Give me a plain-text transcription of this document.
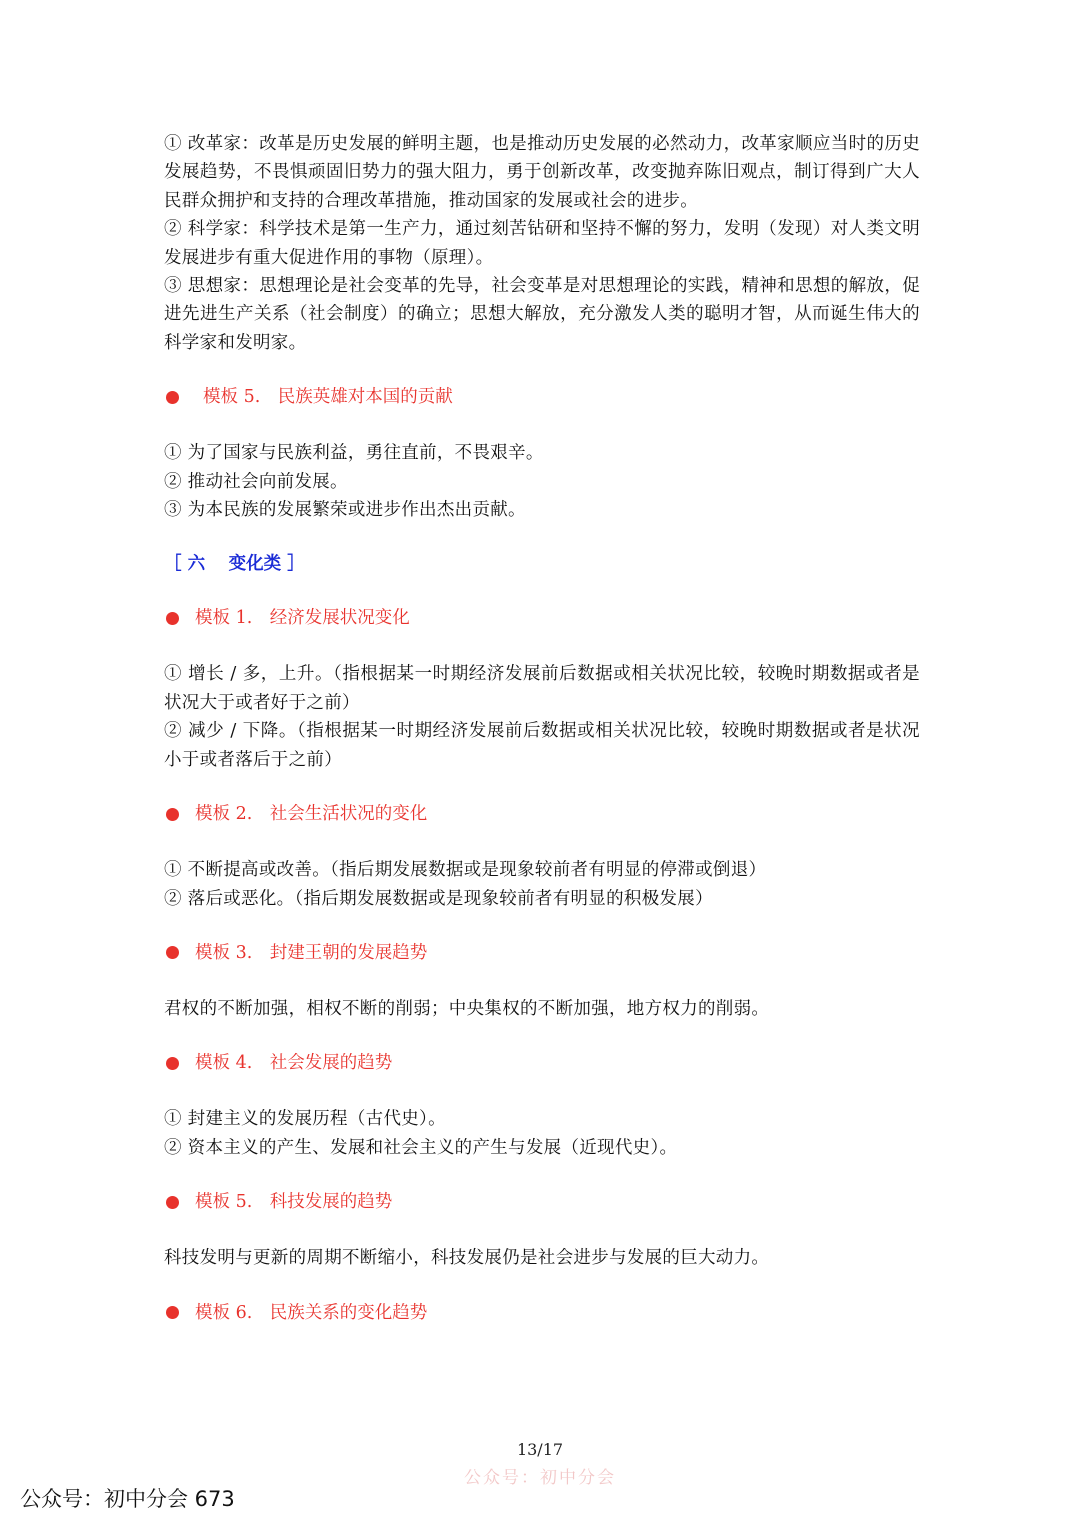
① 改革家：改革是历史发展的鲜明主题，也是推动历史发展的必然动力，改革家顺应当时的历史发展趋势，不畏惧顽固旧势力的强大阻力，勇于创新改革，改变抛弃陈旧观点，制订得到广大人民群众拥护和支持的合理改革措施，推动国家的发展或社会的进步。

② 科学家：科学技术是第一生产力，通过刻苦钻研和坚持不懈的努力，发明（发现）对人类文明发展进步有重大促进作用的事物（原理）。

③ 思想家：思想理论是社会变革的先导，社会变革是对思想理论的实践，精神和思想的解放，促进先进生产关系（社会制度）的确立；思想大解放，充分激发人类的聪明才智，从而诞生伟大的科学家和发明家。

模板 5.　民族英雄对本国的贡献

① 为了国家与民族利益，勇往直前，不畏艰辛。

② 推动社会向前发展。

③ 为本民族的发展繁荣或进步作出杰出贡献。

［ 六　 变化类 ］

模板 1.　经济发展状况变化

① 增长 / 多，上升。（指根据某一时期经济发展前后数据或相关状况比较，较晚时期数据或者是状况大于或者好于之前）

② 减少 / 下降。（指根据某一时期经济发展前后数据或相关状况比较，较晚时期数据或者是状况小于或者落后于之前）

模板 2.　社会生活状况的变化

① 不断提高或改善。（指后期发展数据或是现象较前者有明显的停滞或倒退）

② 落后或恶化。（指后期发展数据或是现象较前者有明显的积极发展）

模板 3.　封建王朝的发展趋势

君权的不断加强，相权不断的削弱；中央集权的不断加强，地方权力的削弱。

模板 4.　社会发展的趋势

① 封建主义的发展历程（古代史）。

② 资本主义的产生、发展和社会主义的产生与发展（近现代史）。

模板 5.　科技发展的趋势

科技发明与更新的周期不断缩小，科技发展仍是社会进步与发展的巨大动力。

模板 6.　民族关系的变化趋势

13/17
公众号：初中分会
公众号：初中分会 673
